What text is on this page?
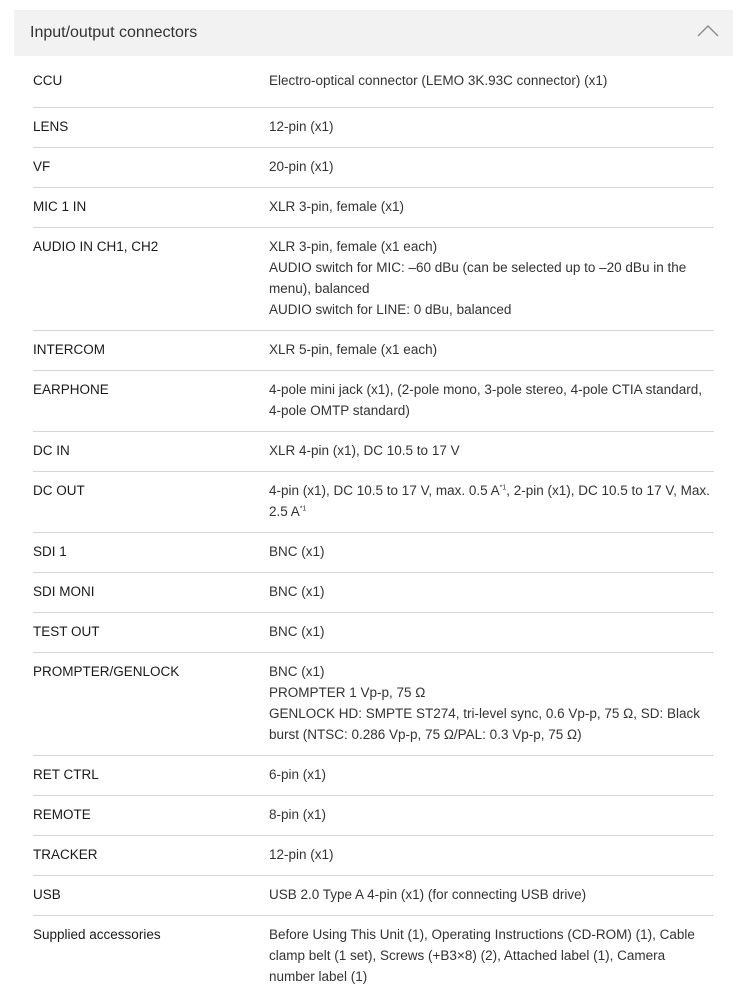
Input/output connectors
CCU	Electro-optical connector (LEMO 3K.93C connector) (x1)
LENS	12-pin (x1)
VF	20-pin (x1)
MIC 1 IN	XLR 3-pin, female (x1)
AUDIO IN CH1, CH2	XLR 3-pin, female (x1 each)
AUDIO switch for MIC: –60 dBu (can be selected up to –20 dBu in the menu), balanced
AUDIO switch for LINE: 0 dBu, balanced
INTERCOM	XLR 5-pin, female (x1 each)
EARPHONE	4-pole mini jack (x1), (2-pole mono, 3-pole stereo, 4-pole CTIA standard, 4-pole OMTP standard)
DC IN	XLR 4-pin (x1), DC 10.5 to 17 V
DC OUT	4-pin (x1), DC 10.5 to 17 V, max. 0.5 $A^{*1}$, 2-pin (x1), DC 10.5 to 17 V, Max. 2.5 $A^{*1}$
SDI 1	BNC (x1)
SDI MONI	BNC (x1)
TEST OUT	BNC (x1)
PROMPTER/GENLOCK	BNC (x1)
PROMPTER 1 Vp-p, 75 Ω
GENLOCK HD: SMPTE ST274, tri-level sync, 0.6 Vp-p, 75 Ω, SD: Black burst (NTSC: 0.286 Vp-p, 75 Ω/PAL: 0.3 Vp-p, 75 Ω)
RET CTRL	6-pin (x1)
REMOTE	8-pin (x1)
TRACKER	12-pin (x1)
USB	USB 2.0 Type A 4-pin (x1) (for connecting USB drive)
Supplied accessories	Before Using This Unit (1), Operating Instructions (CD-ROM) (1), Cable clamp belt (1 set), Screws (+B3×8) (2), Attached label (1), Camera number label (1)
